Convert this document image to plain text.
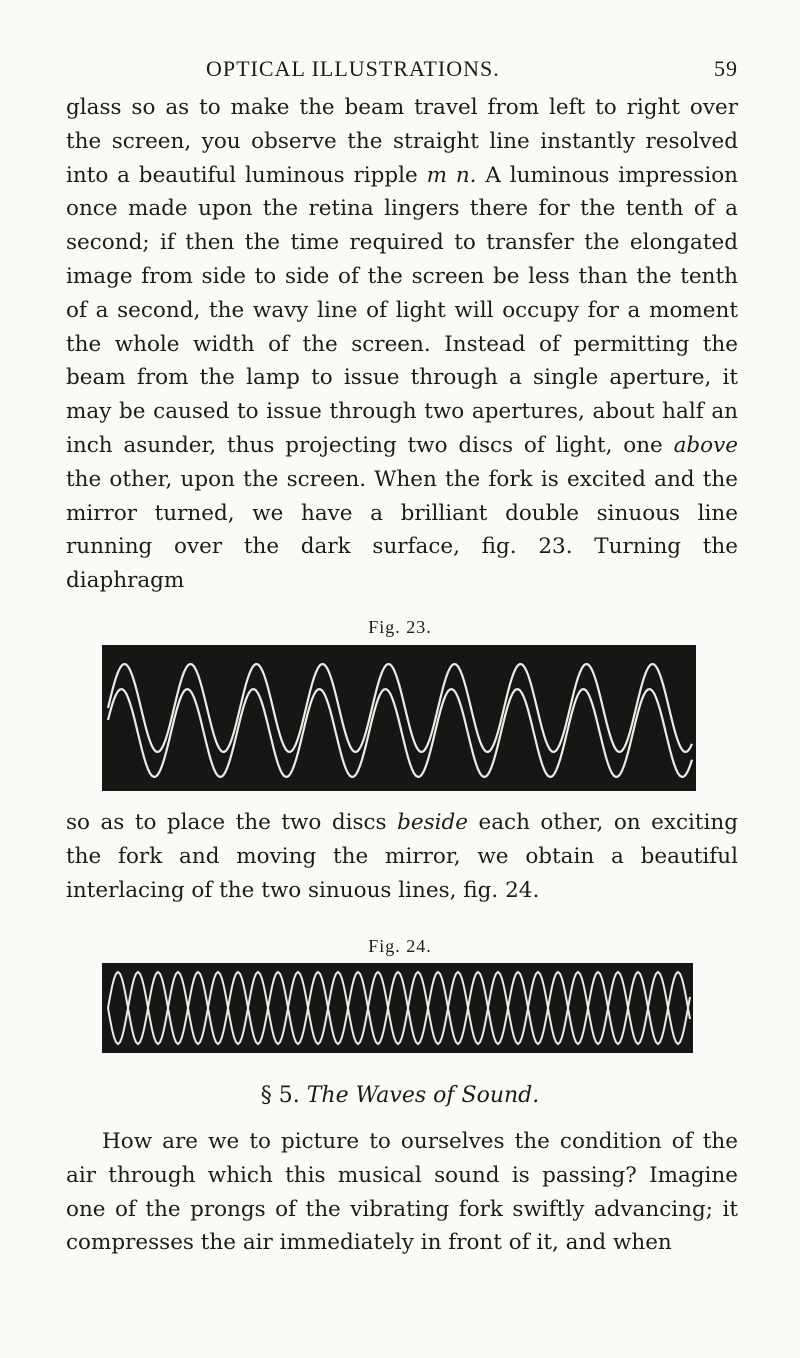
OPTICAL ILLUSTRATIONS.	59

glass so as to make the beam travel from left to right over the screen, you observe the straight line instantly resolved into a beautiful luminous ripple m n. A luminous impression once made upon the retina lingers there for the tenth of a second; if then the time required to transfer the elongated image from side to side of the screen be less than the tenth of a second, the wavy line of light will occupy for a moment the whole width of the screen. Instead of permitting the beam from the lamp to issue through a single aperture, it may be caused to issue through two apertures, about half an inch asunder, thus projecting two discs of light, one above the other, upon the screen. When the fork is excited and the mirror turned, we have a brilliant double sinuous line running over the dark surface, fig. 23. Turning the diaphragm

Fig. 23.

so as to place the two discs beside each other, on exciting the fork and moving the mirror, we obtain a beautiful interlacing of the two sinuous lines, fig. 24.

Fig. 24.
§ 5. The Waves of Sound.

How are we to picture to ourselves the condition of the air through which this musical sound is passing? Imagine one of the prongs of the vibrating fork swiftly advancing; it compresses the air immediately in front of it, and when
